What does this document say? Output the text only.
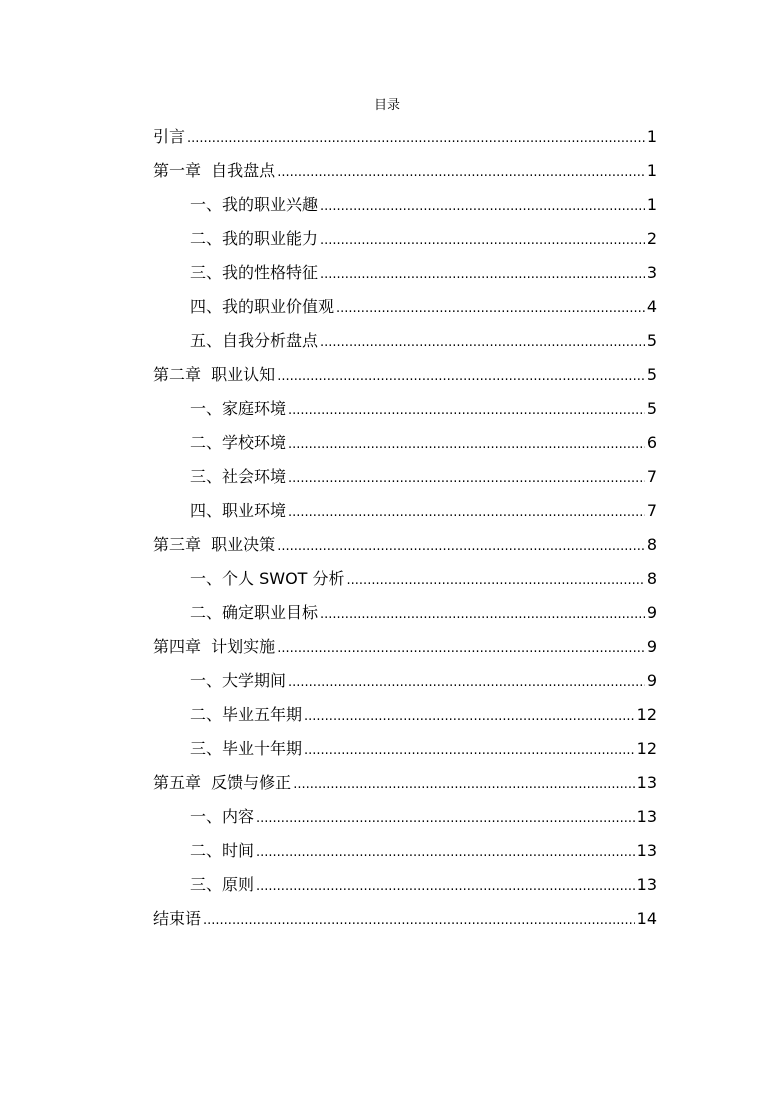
目录
引言 .....	1
第一章  自我盘点 .....	1
一、我的职业兴趣 .....	1
二、我的职业能力 .....	2
三、我的性格特征 .....	3
四、我的职业价值观 .....	4
五、自我分析盘点 .....	5
第二章  职业认知 .....	5
一、家庭环境 .....	5
二、学校环境 .....	6
三、社会环境 .....	7
四、职业环境 .....	7
第三章  职业决策 .....	8
一、个人 SWOT 分析 .....	8
二、确定职业目标 .....	9
第四章  计划实施 .....	9
一、大学期间 .....	9
二、毕业五年期 .....	12
三、毕业十年期 .....	12
第五章  反馈与修正 .....	13
一、内容 .....	13
二、时间 .....	13
三、原则 .....	13
结束语 .....	14
